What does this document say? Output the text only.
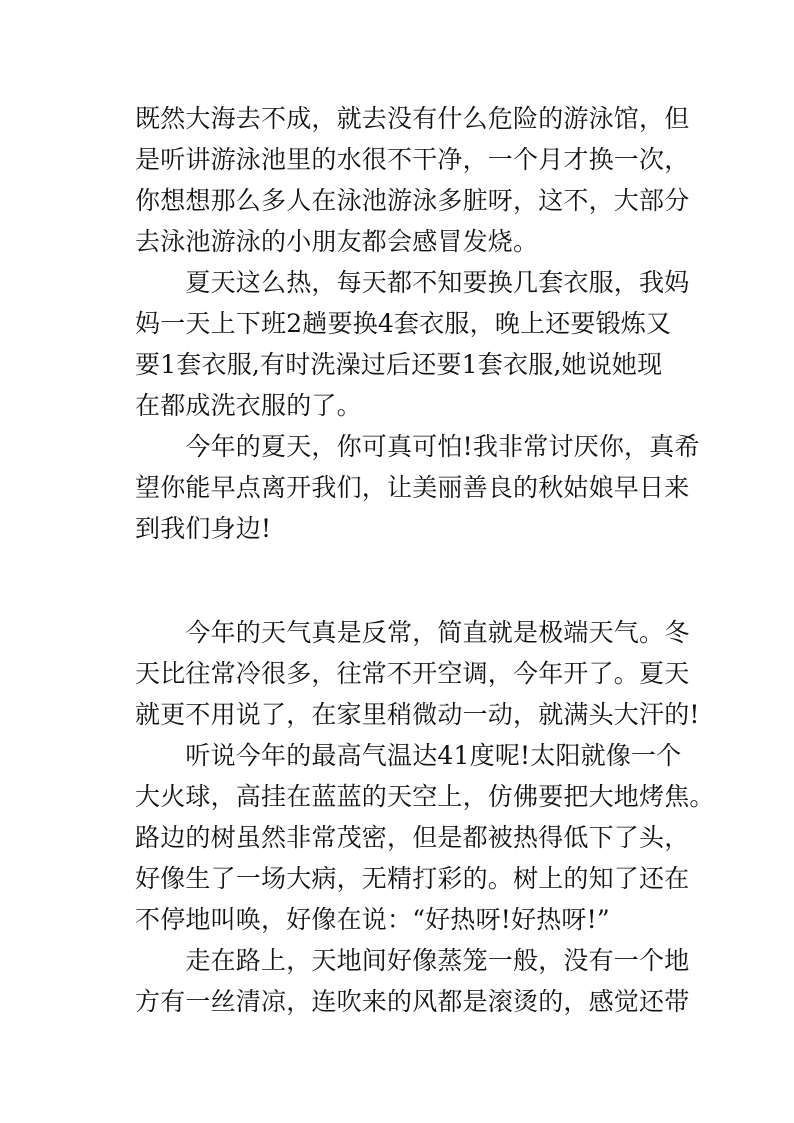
既然大海去不成，就去没有什么危险的游泳馆，但
是听讲游泳池里的水很不干净，一个月才换一次，
你想想那么多人在泳池游泳多脏呀，这不，大部分
去泳池游泳的小朋友都会感冒发烧。
　　夏天这么热，每天都不知要换几套衣服，我妈
妈一天上下班2趟要换4套衣服，晚上还要锻炼又
要1套衣服,有时洗澡过后还要1套衣服,她说她现
在都成洗衣服的了。
　　今年的夏天，你可真可怕!我非常讨厌你，真希
望你能早点离开我们，让美丽善良的秋姑娘早日来
到我们身边!
　　今年的天气真是反常，简直就是极端天气。冬
天比往常冷很多，往常不开空调，今年开了。夏天
就更不用说了，在家里稍微动一动，就满头大汗的!
　　听说今年的最高气温达41度呢!太阳就像一个
大火球，高挂在蓝蓝的天空上，仿佛要把大地烤焦。
路边的树虽然非常茂密，但是都被热得低下了头，
好像生了一场大病，无精打彩的。树上的知了还在
不停地叫唤，好像在说：“好热呀!好热呀!”
　　走在路上，天地间好像蒸笼一般，没有一个地
方有一丝清凉，连吹来的风都是滚烫的，感觉还带
